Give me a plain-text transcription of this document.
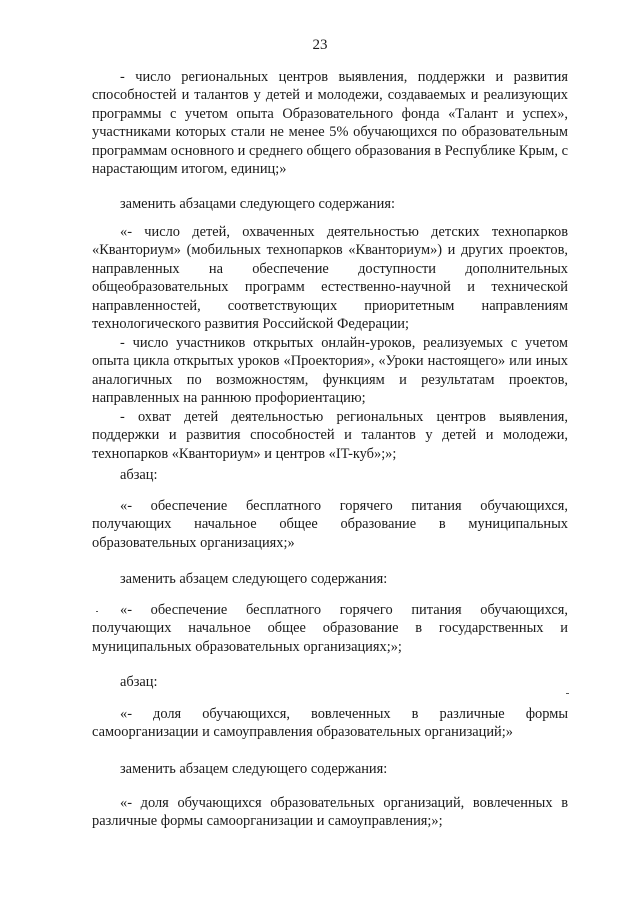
23

- число региональных центров выявления, поддержки и развития способностей и талантов у детей и молодежи, создаваемых и реализующих программы с учетом опыта Образовательного фонда «Талант и успех», участниками которых стали не менее 5% обучающихся по образовательным программам основного и среднего общего образования в Республике Крым, с нарастающим итогом, единиц;»

заменить абзацами следующего содержания:

«- число детей, охваченных деятельностью детских технопарков «Кванториум» (мобильных технопарков «Кванториум») и других проектов, направленных на обеспечение доступности дополнительных общеобразовательных программ естественно-научной и технической направленностей, соответствующих приоритетным направлениям технологического развития Российской Федерации;

- число участников открытых онлайн-уроков, реализуемых с учетом опыта цикла открытых уроков «Проектория», «Уроки настоящего» или иных аналогичных по возможностям, функциям и результатам проектов, направленных на раннюю профориентацию;

- охват детей деятельностью региональных центров выявления, поддержки и развития способностей и талантов у детей и молодежи, технопарков «Кванториум» и центров «IT-куб»;»;

абзац:

«- обеспечение бесплатного горячего питания обучающихся, получающих начальное общее образование в муниципальных образовательных организациях;»

заменить абзацем следующего содержания:

«- обеспечение бесплатного горячего питания обучающихся, получающих начальное общее образование в государственных и муниципальных образовательных организациях;»;

абзац:

«- доля обучающихся, вовлеченных в различные формы самоорганизации и самоуправления образовательных организаций;»

заменить абзацем следующего содержания:

«- доля обучающихся образовательных организаций, вовлеченных в различные формы самоорганизации и самоуправления;»;
